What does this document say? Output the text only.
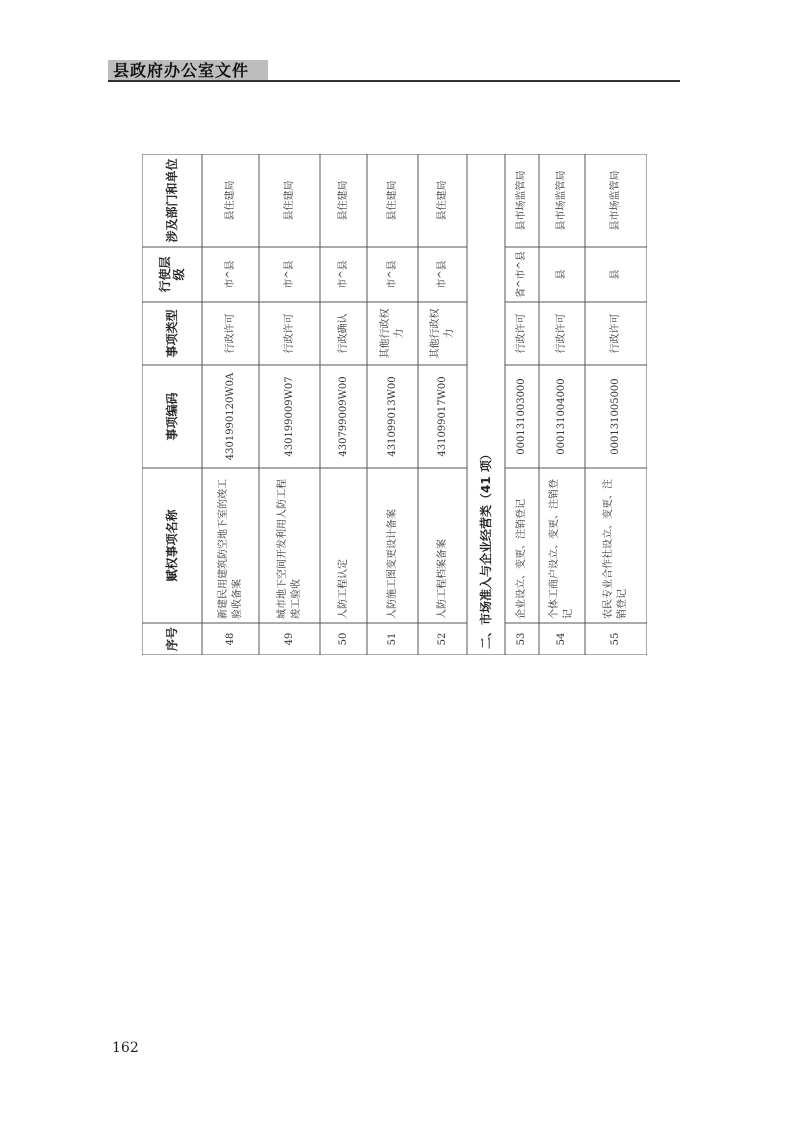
县政府办公室文件
序号
赋权事项名称
事项编码
事项类型
行使层级
涉及部门和单位
48
新建民用建筑防空地下室的竣工验收备案
4301990120W0A
行政许可
市^县
县住建局
49
城市地下空间开发利用人防工程竣工验收
430199009W07
行政许可
市^县
县住建局
50
人防工程认定
430799009W00
行政确认
市^县
县住建局
51
人防施工图变更设计备案
431099013W00
其他行政权力
市^县
县住建局
52
人防工程档案备案
431099017W00
其他行政权力
市^县
县住建局
53
企业设立、变更、注销登记
000131003000
行政许可
省^市^县
县市场监管局
54
个体工商户设立、变更、注销登记
000131004000
行政许可
县
县市场监管局
55
农民专业合作社设立、变更、注销登记
000131005000
行政许可
县
县市场监管局
二、市场准入与企业经营类（41 项）
162
